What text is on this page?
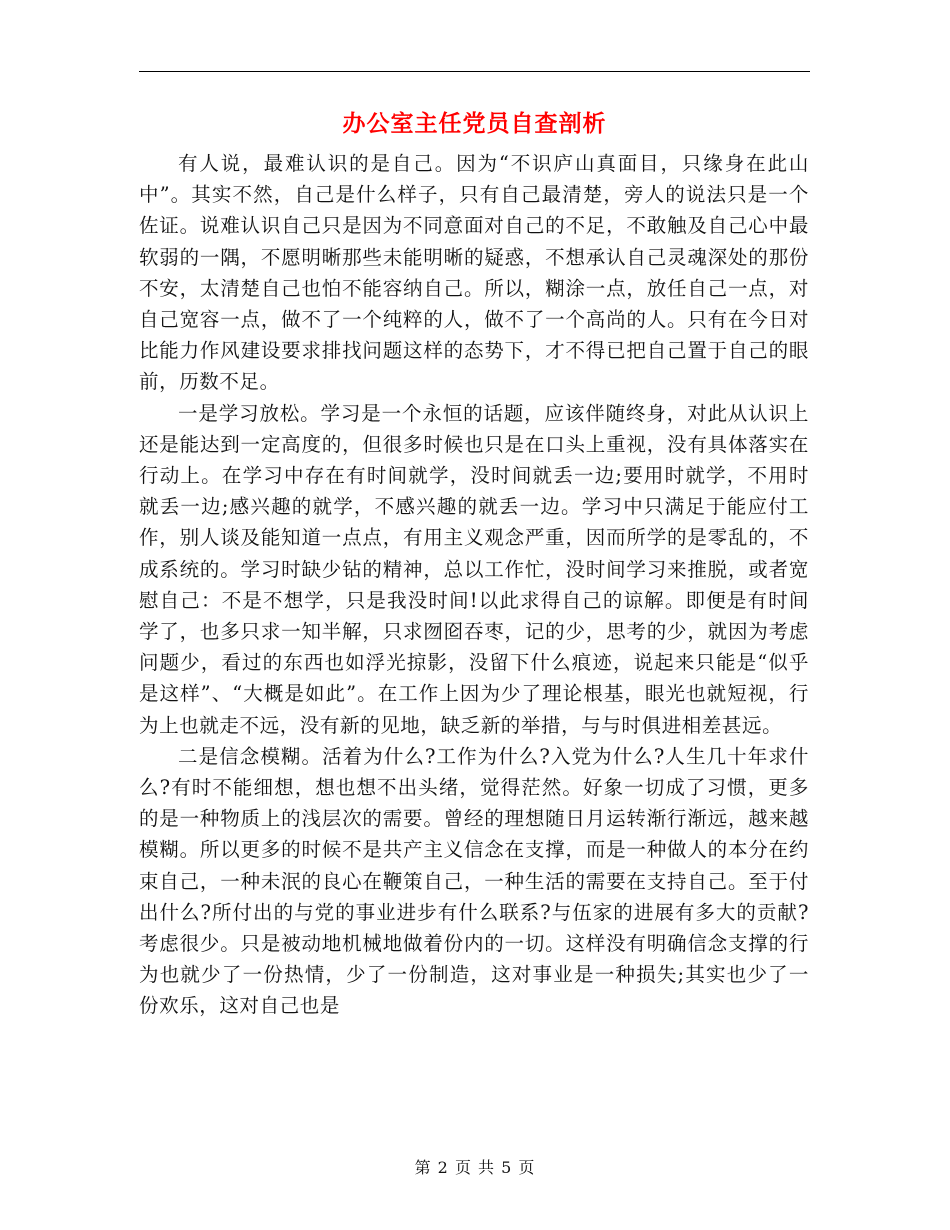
办公室主任党员自查剖析

有人说，最难认识的是自己。因为“不识庐山真面目，只缘身在此山中”。其实不然，自己是什么样子，只有自己最清楚，旁人的说法只是一个佐证。说难认识自己只是因为不同意面对自己的不足，不敢触及自己心中最软弱的一隅，不愿明晰那些未能明晰的疑惑，不想承认自己灵魂深处的那份不安，太清楚自己也怕不能容纳自己。所以，糊涂一点，放任自己一点，对自己宽容一点，做不了一个纯粹的人，做不了一个高尚的人。只有在今日对比能力作风建设要求排找问题这样的态势下，才不得已把自己置于自己的眼前，历数不足。

一是学习放松。学习是一个永恒的话题，应该伴随终身，对此从认识上还是能达到一定高度的，但很多时候也只是在口头上重视，没有具体落实在行动上。在学习中存在有时间就学，没时间就丢一边;要用时就学，不用时就丢一边;感兴趣的就学，不感兴趣的就丢一边。学习中只满足于能应付工作，别人谈及能知道一点点，有用主义观念严重，因而所学的是零乱的，不成系统的。学习时缺少钻的精神，总以工作忙，没时间学习来推脱，或者宽慰自己：不是不想学，只是我没时间!以此求得自己的谅解。即便是有时间学了，也多只求一知半解，只求囫囵吞枣，记的少，思考的少，就因为考虑问题少，看过的东西也如浮光掠影，没留下什么痕迹，说起来只能是“似乎是这样”、“大概是如此”。在工作上因为少了理论根基，眼光也就短视，行为上也就走不远，没有新的见地，缺乏新的举措，与与时俱进相差甚远。

二是信念模糊。活着为什么?工作为什么?入党为什么?人生几十年求什么?有时不能细想，想也想不出头绪，觉得茫然。好象一切成了习惯，更多的是一种物质上的浅层次的需要。曾经的理想随日月运转渐行渐远，越来越模糊。所以更多的时候不是共产主义信念在支撑，而是一种做人的本分在约束自己，一种未泯的良心在鞭策自己，一种生活的需要在支持自己。至于付出什么?所付出的与党的事业进步有什么联系?与伍家的进展有多大的贡献?考虑很少。只是被动地机械地做着份内的一切。这样没有明确信念支撑的行为也就少了一份热情，少了一份制造，这对事业是一种损失;其实也少了一份欢乐，这对自己也是

第 2 页 共 5 页
